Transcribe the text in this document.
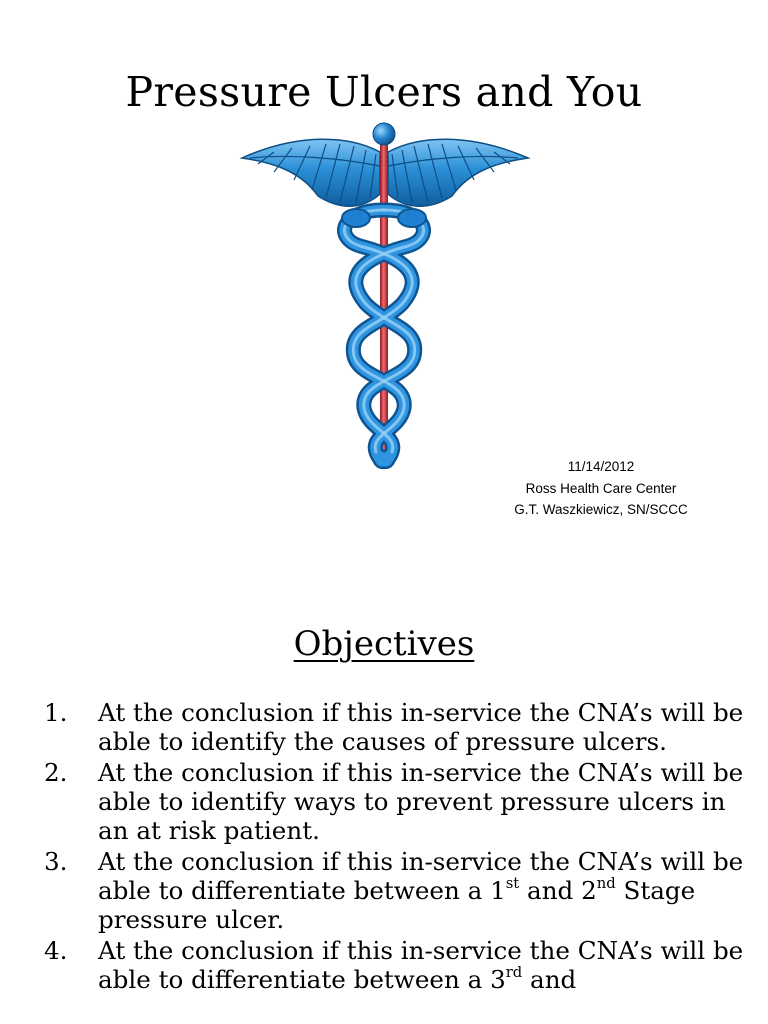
Pressure Ulcers and You
11/14/2012
Ross Health Care Center
G.T. Waszkiewicz, SN/SCCC
Objectives
1. At the conclusion if this in-service the CNA’s will be able to identify the causes of pressure ulcers.
2. At the conclusion if this in-service the CNA’s will be able to identify ways to prevent pressure ulcers in an at risk patient.
3. At the conclusion if this in-service the CNA’s will be able to differentiate between a 1st and 2nd Stage pressure ulcer.
4. At the conclusion if this in-service the CNA’s will be able to differentiate between a 3rd and
